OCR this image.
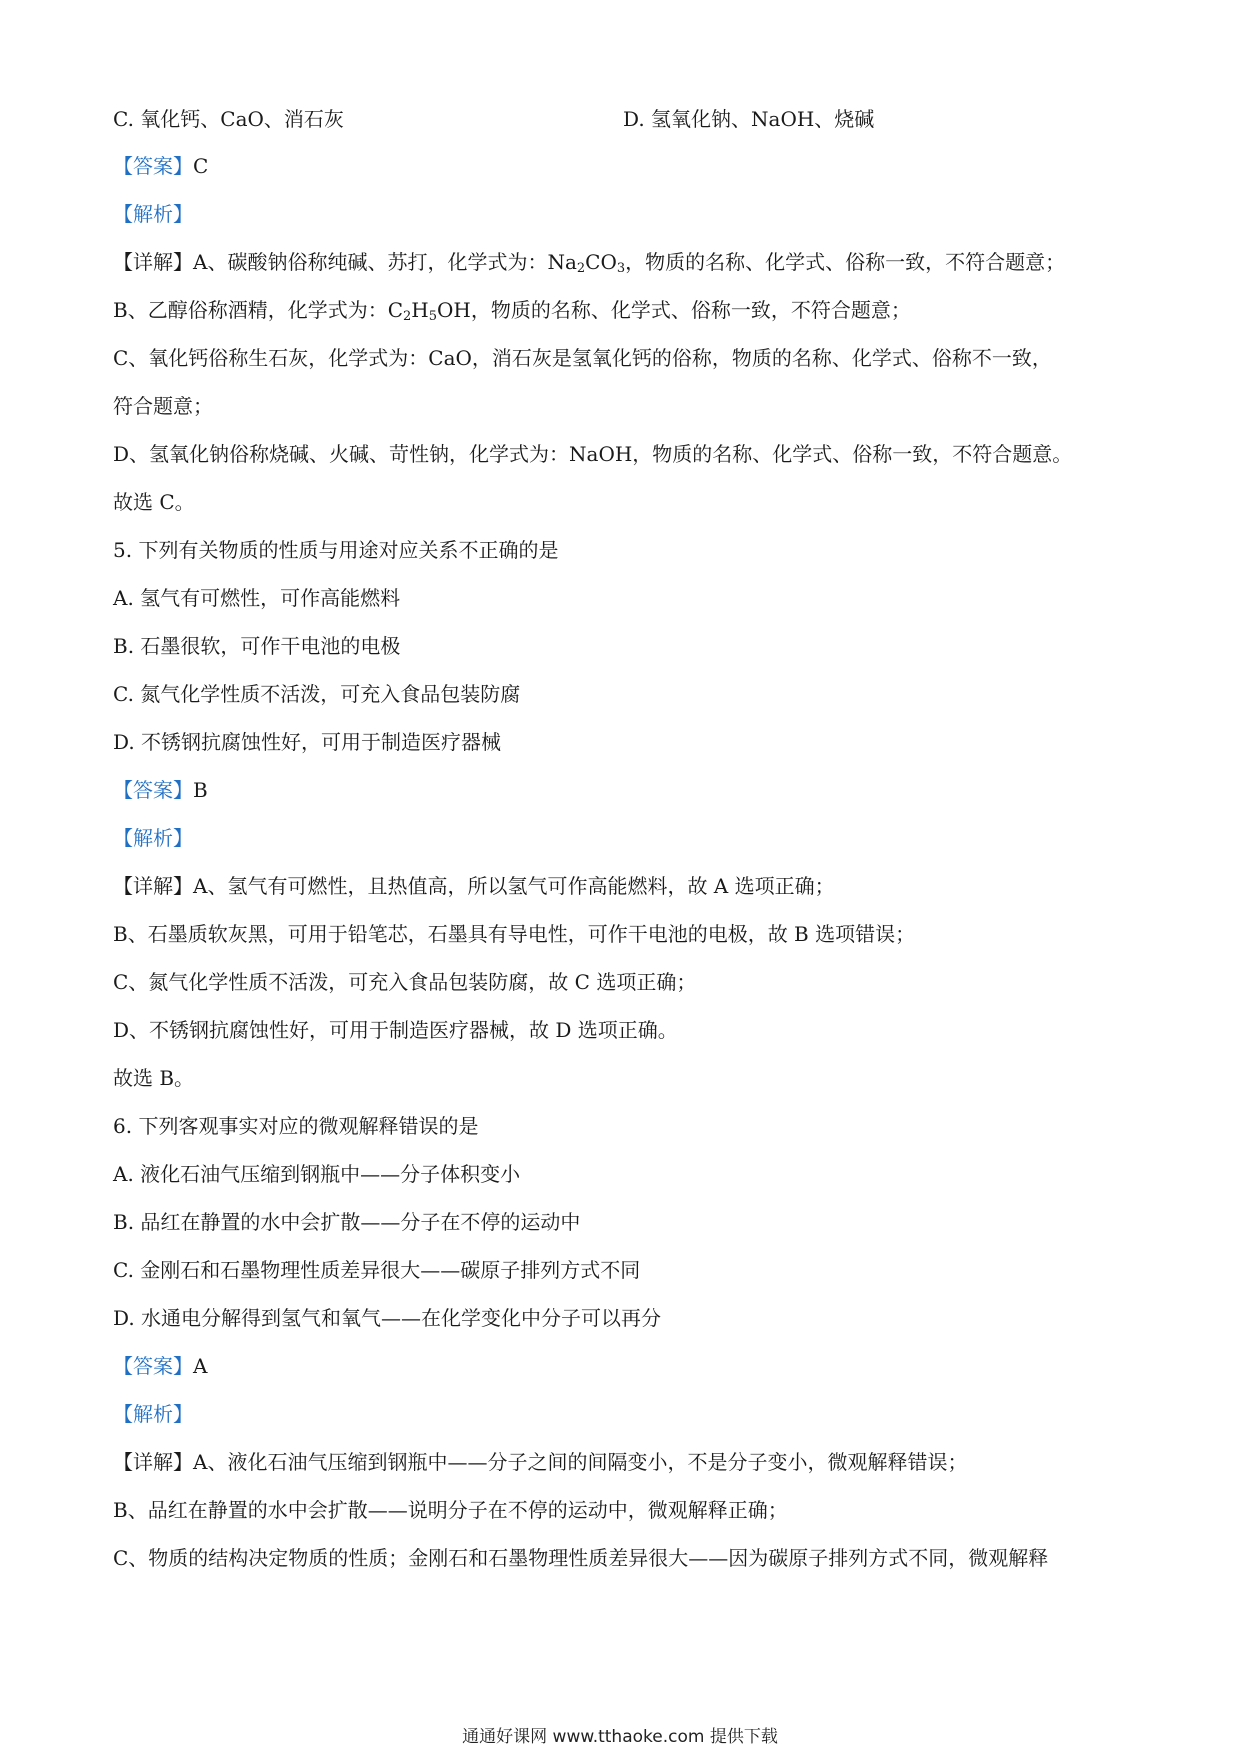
C. 氧化钙、CaO、消石灰	D. 氢氧化钠、NaOH、烧碱
【答案】C
【解析】
【详解】A、碳酸钠俗称纯碱、苏打，化学式为：$Na_2CO_3$，物质的名称、化学式、俗称一致，不符合题意；
B、乙醇俗称酒精，化学式为：$C_2H_5OH$，物质的名称、化学式、俗称一致，不符合题意；
C、氧化钙俗称生石灰，化学式为：CaO，消石灰是氢氧化钙的俗称，物质的名称、化学式、俗称不一致，
符合题意；
D、氢氧化钠俗称烧碱、火碱、苛性钠，化学式为：NaOH，物质的名称、化学式、俗称一致，不符合题意。
故选 C。
5. 下列有关物质的性质与用途对应关系不正确的是
A. 氢气有可燃性，可作高能燃料
B. 石墨很软，可作干电池的电极
C. 氮气化学性质不活泼，可充入食品包装防腐
D. 不锈钢抗腐蚀性好，可用于制造医疗器械
【答案】B
【解析】
【详解】A、氢气有可燃性，且热值高，所以氢气可作高能燃料，故 A 选项正确；
B、石墨质软灰黑，可用于铅笔芯，石墨具有导电性，可作干电池的电极，故 B 选项错误；
C、氮气化学性质不活泼，可充入食品包装防腐，故 C 选项正确；
D、不锈钢抗腐蚀性好，可用于制造医疗器械，故 D 选项正确。
故选 B。
6. 下列客观事实对应的微观解释错误的是
A. 液化石油气压缩到钢瓶中——分子体积变小
B. 品红在静置的水中会扩散——分子在不停的运动中
C. 金刚石和石墨物理性质差异很大——碳原子排列方式不同
D. 水通电分解得到氢气和氧气——在化学变化中分子可以再分
【答案】A
【解析】
【详解】A、液化石油气压缩到钢瓶中——分子之间的间隔变小，不是分子变小，微观解释错误；
B、品红在静置的水中会扩散——说明分子在不停的运动中，微观解释正确；
C、物质的结构决定物质的性质；金刚石和石墨物理性质差异很大——因为碳原子排列方式不同，微观解释
通通好课网 www.tthaoke.com 提供下载
